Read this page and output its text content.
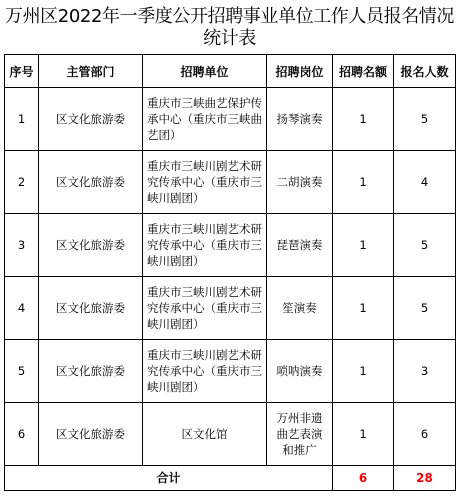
万州区2022年一季度公开招聘事业单位工作人员报名情况统计表
序号	主管部门	招聘单位	招聘岗位	招聘名额	报名人数
1	区文化旅游委	重庆市三峡曲艺保护传承中心（重庆市三峡曲艺团）	扬琴演奏	1	5
2	区文化旅游委	重庆市三峡川剧艺术研究传承中心（重庆市三峡川剧团）	二胡演奏	1	4
3	区文化旅游委	重庆市三峡川剧艺术研究传承中心（重庆市三峡川剧团）	琵琶演奏	1	5
4	区文化旅游委	重庆市三峡川剧艺术研究传承中心（重庆市三峡川剧团）	笙演奏	1	5
5	区文化旅游委	重庆市三峡川剧艺术研究传承中心（重庆市三峡川剧团）	唢呐演奏	1	3
6	区文化旅游委	区文化馆	万州非遗曲艺表演和推广	1	6
合计				6	28
